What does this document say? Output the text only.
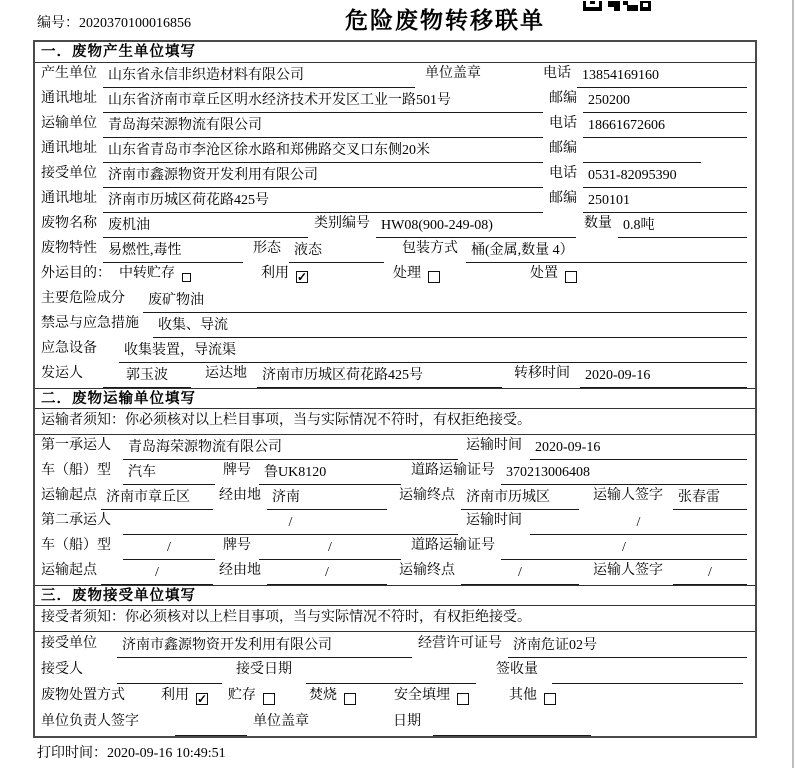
编号：2020370100016856	危险废物转移联单
一．废物产生单位填写
产生单位 山东省永信非织造材料有限公司	单位盖章	电话 13854169160
通讯地址 山东省济南市章丘区明水经济技术开发区工业一路501号	邮编 250200
运输单位 青岛海荣源物流有限公司	电话 18661672606
通讯地址 山东省青岛市李沧区徐水路和郑佛路交叉口东侧20米	邮编
接受单位 济南市鑫源物资开发利用有限公司	电话 0531-82095390
通讯地址 济南市历城区荷花路425号	邮编 250101
废物名称 废机油	类别编号 HW08(900-249-08)	数量 0.8吨
废物特性 易燃性,毒性	形态 液态	包装方式 桶(金属,数量 4）
外运目的： 中转贮存	利用 ✓	处理	处置
主要危险成分	废矿物油
禁忌与应急措施	收集、导流
应急设备	收集装置，导流渠
发运人	郭玉波	运达地	济南市历城区荷花路425号	转移时间	2020-09-16
二．废物运输单位填写
运输者须知：你必须核对以上栏目事项，当与实际情况不符时，有权拒绝接受。
第一承运人	青岛海荣源物流有限公司	运输时间 2020-09-16
车（船）型	汽车	牌号 鲁UK8120	道路运输证号 370213006408
运输起点 济南市章丘区	经由地 济南	运输终点 济南市历城区	运输人签字	张春雷
第二承运人	/	运输时间	/
车（船）型	/	牌号	/	道路运输证号	/
运输起点	/	经由地	/	运输终点	/	运输人签字	/
三．废物接受单位填写
接受者须知：你必须核对以上栏目事项，当与实际情况不符时，有权拒绝接受。
接受单位	济南市鑫源物资开发利用有限公司	经营许可证号 济南危证02号
接受人	接受日期	签收量
废物处置方式	利用 ✓ 贮存	焚烧	安全填埋	其他
单位负责人签字	单位盖章	日期
打印时间：2020-09-16 10:49:51
